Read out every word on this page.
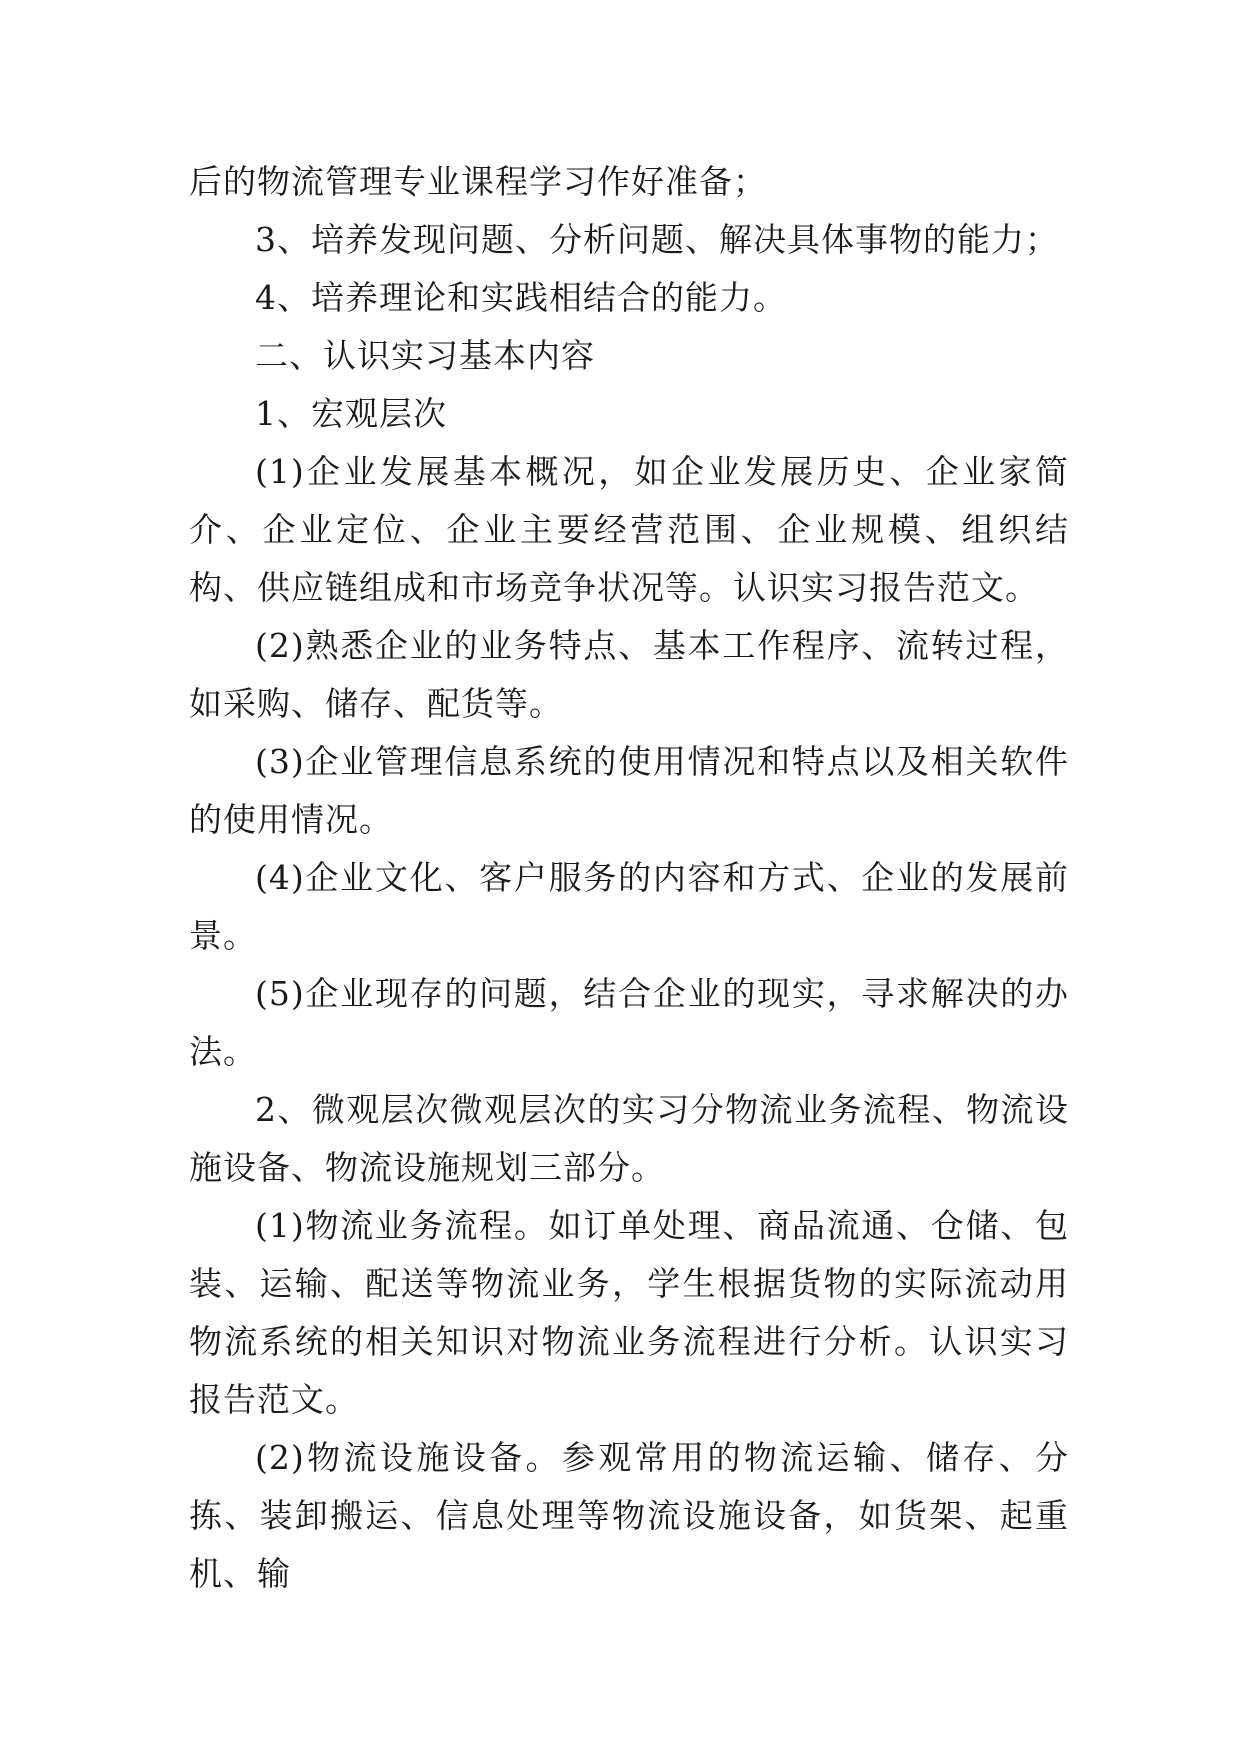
后的物流管理专业课程学习作好准备；

3、培养发现问题、分析问题、解决具体事物的能力；

4、培养理论和实践相结合的能力。

二、认识实习基本内容

1、宏观层次

(1)企业发展基本概况，如企业发展历史、企业家简介、企业定位、企业主要经营范围、企业规模、组织结构、供应链组成和市场竞争状况等。认识实习报告范文。

(2)熟悉企业的业务特点、基本工作程序、流转过程，如采购、储存、配货等。

(3)企业管理信息系统的使用情况和特点以及相关软件的使用情况。

(4)企业文化、客户服务的内容和方式、企业的发展前景。

(5)企业现存的问题，结合企业的现实，寻求解决的办法。

2、微观层次微观层次的实习分物流业务流程、物流设施设备、物流设施规划三部分。

(1)物流业务流程。如订单处理、商品流通、仓储、包装、运输、配送等物流业务，学生根据货物的实际流动用物流系统的相关知识对物流业务流程进行分析。认识实习报告范文。

(2)物流设施设备。参观常用的物流运输、储存、分拣、装卸搬运、信息处理等物流设施设备，如货架、起重机、输
